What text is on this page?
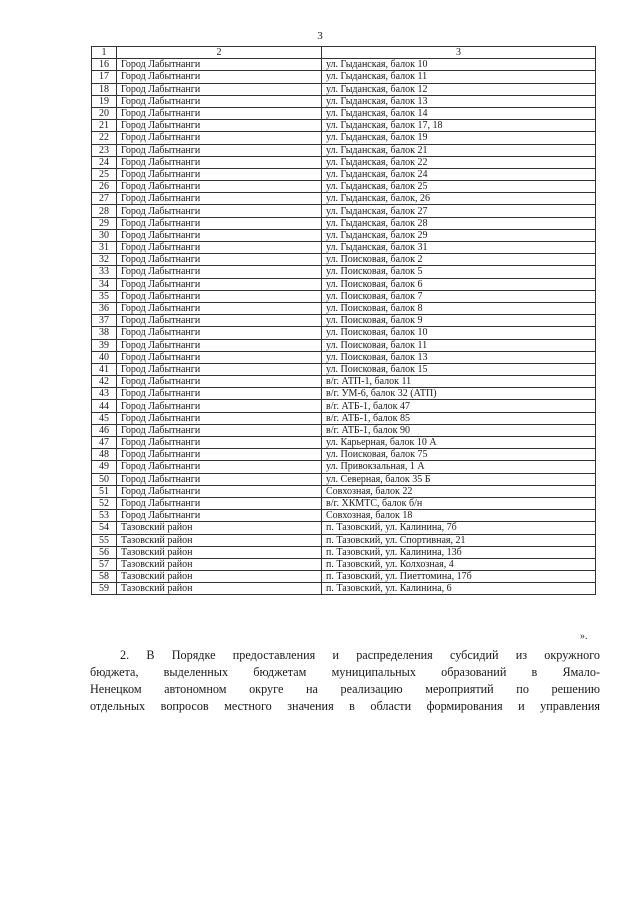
3
1	2	3
16	Город Лабытнанги	ул. Гыданская, балок 10
17	Город Лабытнанги	ул. Гыданская, балок 11
18	Город Лабытнанги	ул. Гыданская, балок 12
19	Город Лабытнанги	ул. Гыданская, балок 13
20	Город Лабытнанги	ул. Гыданская, балок 14
21	Город Лабытнанги	ул. Гыданская, балок 17, 18
22	Город Лабытнанги	ул. Гыданская, балок 19
23	Город Лабытнанги	ул. Гыданская, балок 21
24	Город Лабытнанги	ул. Гыданская, балок 22
25	Город Лабытнанги	ул. Гыданская, балок 24
26	Город Лабытнанги	ул. Гыданская, балок 25
27	Город Лабытнанги	ул. Гыданская, балок, 26
28	Город Лабытнанги	ул. Гыданская, балок 27
29	Город Лабытнанги	ул. Гыданская, балок 28
30	Город Лабытнанги	ул. Гыданская, балок 29
31	Город Лабытнанги	ул. Гыданская, балок 31
32	Город Лабытнанги	ул. Поисковая, балок 2
33	Город Лабытнанги	ул. Поисковая, балок 5
34	Город Лабытнанги	ул. Поисковая, балок 6
35	Город Лабытнанги	ул. Поисковая, балок 7
36	Город Лабытнанги	ул. Поисковая, балок 8
37	Город Лабытнанги	ул. Поисковая, балок 9
38	Город Лабытнанги	ул. Поисковая, балок 10
39	Город Лабытнанги	ул. Поисковая, балок 11
40	Город Лабытнанги	ул. Поисковая, балок 13
41	Город Лабытнанги	ул. Поисковая, балок 15
42	Город Лабытнанги	в/г. АТП-1, балок 11
43	Город Лабытнанги	в/г. УМ-6, балок 32 (АТП)
44	Город Лабытнанги	в/г. АТБ-1, балок 47
45	Город Лабытнанги	в/г. АТБ-1, балок 85
46	Город Лабытнанги	в/г. АТБ-1, балок 90
47	Город Лабытнанги	ул. Карьерная, балок 10 А
48	Город Лабытнанги	ул. Поисковая, балок 75
49	Город Лабытнанги	ул. Привокзальная, 1 А
50	Город Лабытнанги	ул. Северная, балок 35 Б
51	Город Лабытнанги	Совхозная, балок 22
52	Город Лабытнанги	в/г. ХКМТС, балок б/н
53	Город Лабытнанги	Совхозная, балок 18
54	Тазовский район	п. Тазовский, ул. Калинина, 7б
55	Тазовский район	п. Тазовский, ул. Спортивная, 21
56	Тазовский район	п. Тазовский, ул. Калинина, 13б
57	Тазовский район	п. Тазовский, ул. Колхозная, 4
58	Тазовский район	п. Тазовский, ул. Пиеттомина, 17б
59	Тазовский район	п. Тазовский, ул. Калинина, 6
».
2. В Порядке предоставления и распределения субсидий из окружного
бюджета, выделенных бюджетам муниципальных образований в Ямало-
Ненецком автономном округе на реализацию мероприятий по решению
отдельных вопросов местного значения в области формирования и управления
